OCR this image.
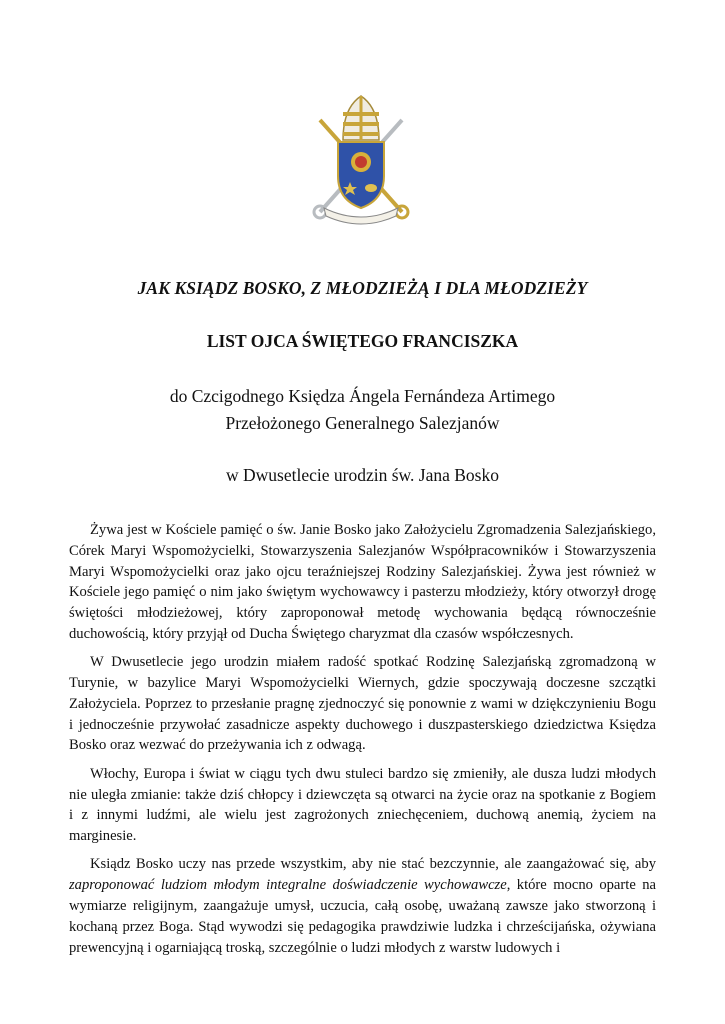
JAK KSIĄDZ BOSKO, Z MŁODZIEŻĄ I DLA MŁODZIEŻY
LIST OJCA ŚWIĘTEGO FRANCISZKA
do Czcigodnego Księdza Ángela Fernándeza Artimego
Przełożonego Generalnego Salezjanów
w Dwusetlecie urodzin św. Jana Bosko

Żywa jest w Kościele pamięć o św. Janie Bosko jako Założycielu Zgromadzenia Salezjańskiego, Córek Maryi Wspomożycielki, Stowarzyszenia Salezjanów Współpracowników i Stowarzyszenia Maryi Wspomożycielki oraz jako ojcu teraźniejszej Rodziny Salezjańskiej. Żywa jest również w Kościele jego pamięć o nim jako świętym wychowawcy i pasterzu młodzieży, który otworzył drogę świętości młodzieżowej, który zaproponował metodę wychowania będącą równocześnie duchowością, który przyjął od Ducha Świętego charyzmat dla czasów współczesnych.

W Dwusetlecie jego urodzin miałem radość spotkać Rodzinę Salezjańską zgromadzoną w Turynie, w bazylice Maryi Wspomożycielki Wiernych, gdzie spoczywają doczesne szczątki Założyciela. Poprzez to przesłanie pragnę zjednoczyć się ponownie z wami w dziękczynieniu Bogu i jednocześnie przywołać zasadnicze aspekty duchowego i duszpasterskiego dziedzictwa Księdza Bosko oraz wezwać do przeżywania ich z odwagą.

Włochy, Europa i świat w ciągu tych dwu stuleci bardzo się zmieniły, ale dusza ludzi młodych nie uległa zmianie: także dziś chłopcy i dziewczęta są otwarci na życie oraz na spotkanie z Bogiem i z innymi ludźmi, ale wielu jest zagrożonych zniechęceniem, duchową anemią, życiem na marginesie.

Ksiądz Bosko uczy nas przede wszystkim, aby nie stać bezczynnie, ale zaangażować się, aby zaproponować ludziom młodym integralne doświadczenie wychowawcze, które mocno oparte na wymiarze religijnym, zaangażuje umysł, uczucia, całą osobę, uważaną zawsze jako stworzoną i kochaną przez Boga. Stąd wywodzi się pedagogika prawdziwie ludzka i chrześcijańska, ożywiana prewencyjną i ogarniającą troską, szczególnie o ludzi młodych z warstw ludowych i
